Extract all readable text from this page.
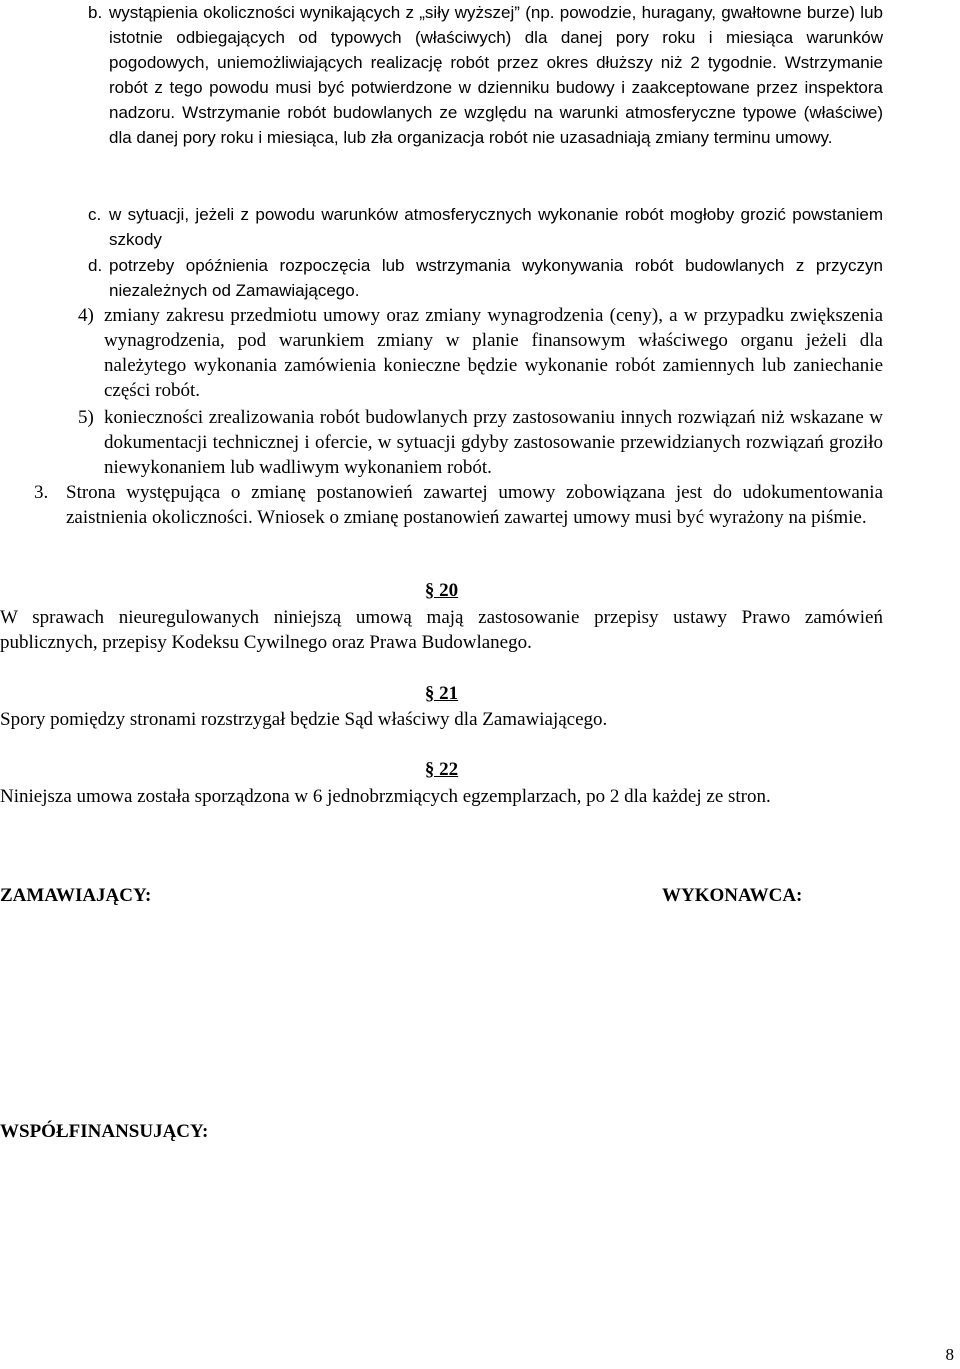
b. wystąpienia okoliczności wynikających z „siły wyższej” (np. powodzie, huragany, gwałtowne burze) lub istotnie odbiegających od typowych (właściwych) dla danej pory roku i miesiąca warunków pogodowych, uniemożliwiających realizację robót przez okres dłuższy niż 2 tygodnie. Wstrzymanie robót z tego powodu musi być potwierdzone w dzienniku budowy i zaakceptowane przez inspektora nadzoru. Wstrzymanie robót budowlanych ze względu na warunki atmosferyczne typowe (właściwe) dla danej pory roku i miesiąca, lub zła organizacja robót nie uzasadniają zmiany terminu umowy.
c. w sytuacji, jeżeli z powodu warunków atmosferycznych wykonanie robót mogłoby grozić powstaniem szkody
d. potrzeby opóźnienia rozpoczęcia lub wstrzymania wykonywania robót budowlanych z przyczyn niezależnych od Zamawiającego.
4) zmiany zakresu przedmiotu umowy oraz zmiany wynagrodzenia (ceny), a w przypadku zwiększenia wynagrodzenia, pod warunkiem zmiany w planie finansowym właściwego organu jeżeli dla należytego wykonania zamówienia konieczne będzie wykonanie robót zamiennych lub zaniechanie części robót.
5) konieczności zrealizowania robót budowlanych przy zastosowaniu innych rozwiązań niż wskazane w dokumentacji technicznej i ofercie, w sytuacji gdyby zastosowanie przewidzianych rozwiązań groziło niewykonaniem lub wadliwym wykonaniem robót.
3. Strona występująca o zmianę postanowień zawartej umowy zobowiązana jest do udokumentowania zaistnienia okoliczności. Wniosek o zmianę postanowień zawartej umowy musi być wyrażony na piśmie.
§ 20
W sprawach nieuregulowanych niniejszą umową mają zastosowanie przepisy ustawy Prawo zamówień publicznych, przepisy Kodeksu Cywilnego oraz Prawa Budowlanego.
§ 21
Spory pomiędzy stronami rozstrzygał będzie Sąd właściwy dla Zamawiającego.
§ 22
Niniejsza umowa została sporządzona w 6 jednobrzmiących egzemplarzach, po 2 dla każdej ze stron.
ZAMAWIAJĄCY:	WYKONAWCA:
WSPÓŁFINANSUJĄCY:
8
